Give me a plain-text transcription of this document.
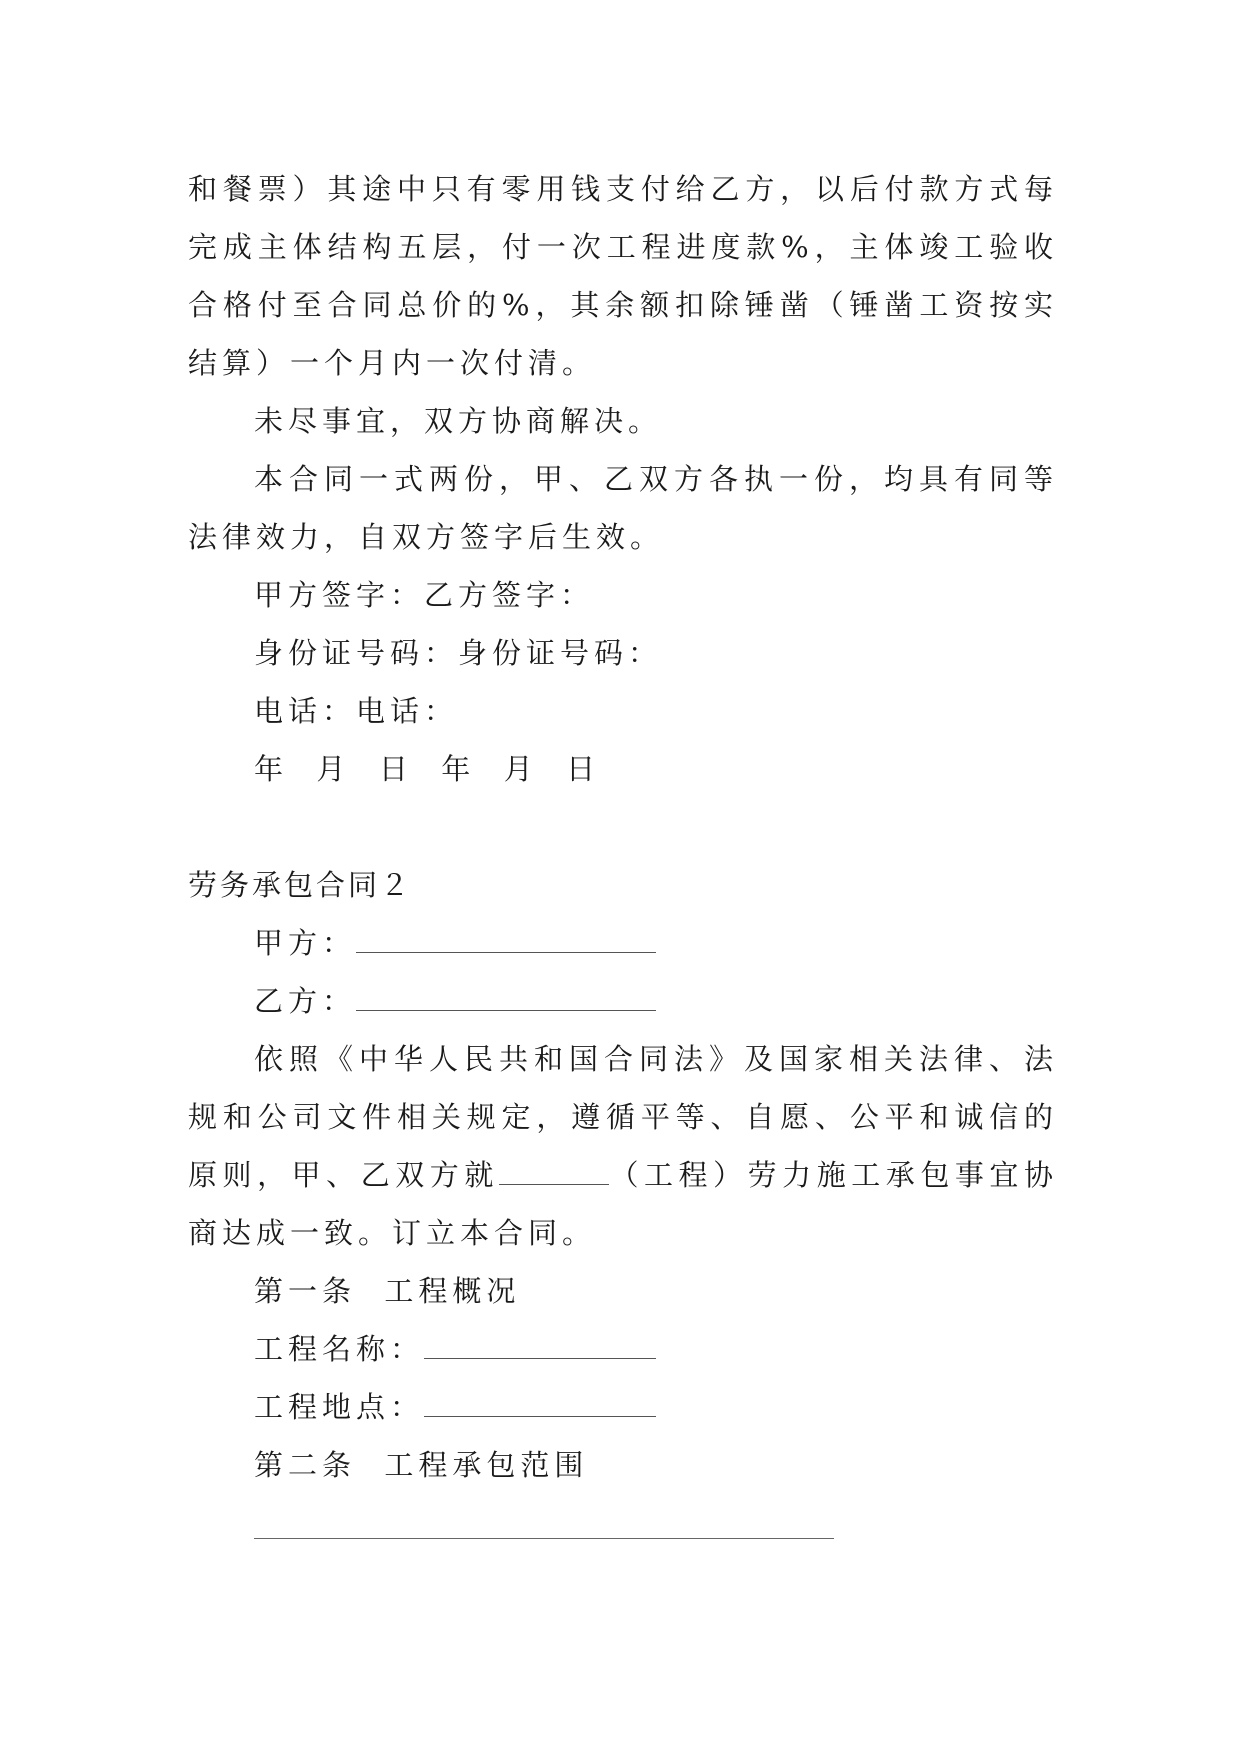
和餐票）其途中只有零用钱支付给乙方，以后付款方式每完成主体结构五层，付一次工程进度款%，主体竣工验收合格付至合同总价的%，其余额扣除锤凿（锤凿工资按实结算）一个月内一次付清。

未尽事宜，双方协商解决。

本合同一式两份，甲、乙双方各执一份，均具有同等法律效力，自双方签字后生效。

甲方签字：乙方签字：

身份证号码：身份证号码：

电话：电话：

年  月  日  年  月  日

劳务承包合同２

甲方：

乙方：

依照《中华人民共和国合同法》及国家相关法律、法规和公司文件相关规定，遵循平等、自愿、公平和诚信的原则，甲、乙双方就	（工程）劳力施工承包事宜协商达成一致。订立本合同。

第一条  工程概况

工程名称：

工程地点：

第二条  工程承包范围
